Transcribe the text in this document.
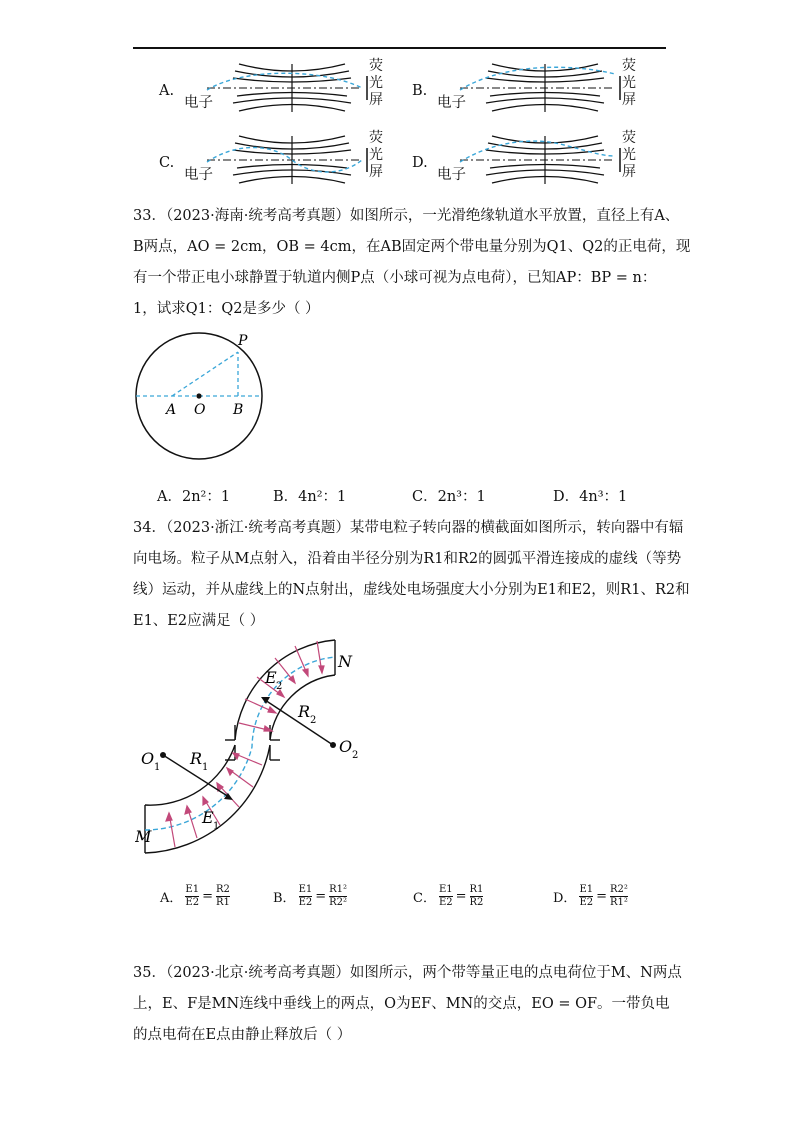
A.
电子
荧
光
屏
B.
电子
荧
光
屏
C.
电子
荧
光
屏
D.
电子
荧
光
屏
33．（2023·海南·统考高考真题）如图所示，一光滑绝缘轨道水平放置，直径上有A、
B两点，AO = 2cm，OB = 4cm，在AB固定两个带电量分别为Q1、Q2的正电荷，现
有一个带正电小球静置于轨道内侧P点（小球可视为点电荷），已知AP：BP = n：
1，试求Q1：Q2是多少（ ）
P
A O B
A．2n²：1	B．4n²：1	C．2n³：1	D．4n³：1
34．（2023·浙江·统考高考真题）某带电粒子转向器的横截面如图所示，转向器中有辐
向电场。粒子从M点射入，沿着由半径分别为R1和R2的圆弧平滑连接成的虚线（等势
线）运动，并从虚线上的N点射出，虚线处电场强度大小分别为E1和E2，则R1、R2和
E1、E2应满足（ ）
N
M
O 1
O 2
R 1
R 2
E 1
E 2
A． $\frac{E1}{E2} = \frac{R2}{R1}$	B． $\frac{E1}{E2} = \frac{\text{R1²}}{\text{R2²}}$	C． $\frac{E1}{E2} = \frac{R1}{R2}$	D． $\frac{E1}{E2} = \frac{\text{R2²}}{\text{R1²}}$
35．（2023·北京·统考高考真题）如图所示，两个带等量正电的点电荷位于M、N两点
上，E、F是MN连线中垂线上的两点，O为EF、MN的交点，EO = OF。一带负电
的点电荷在E点由静止释放后（ ）
